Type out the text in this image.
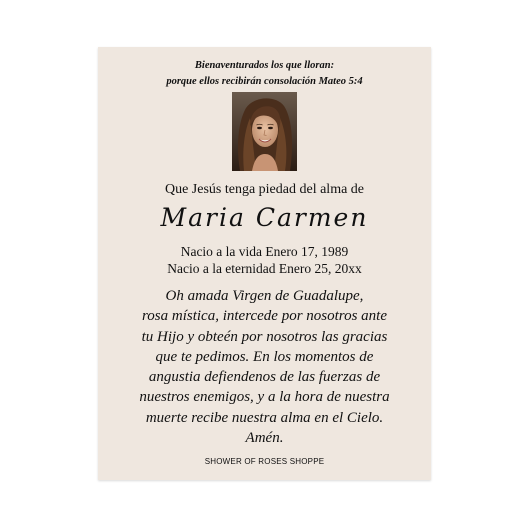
Bienaventurados los que lloran:

porque ellos recibirán consolación Mateo 5:4

Que Jesús tenga piedad del alma de

Maria Carmen

Nacio a la vida Enero 17, 1989

Nacio a la eternidad Enero 25, 20xx

Oh amada Virgen de Guadalupe,
rosa mística, intercede por nosotros ante
tu Hijo y obteén por nosotros las gracias
que te pedimos. En los momentos de
angustia defiendenos de las fuerzas de
nuestros enemigos, y a la hora de nuestra
muerte recibe nuestra alma en el Cielo.
Amén.

SHOWER OF ROSES SHOPPE
